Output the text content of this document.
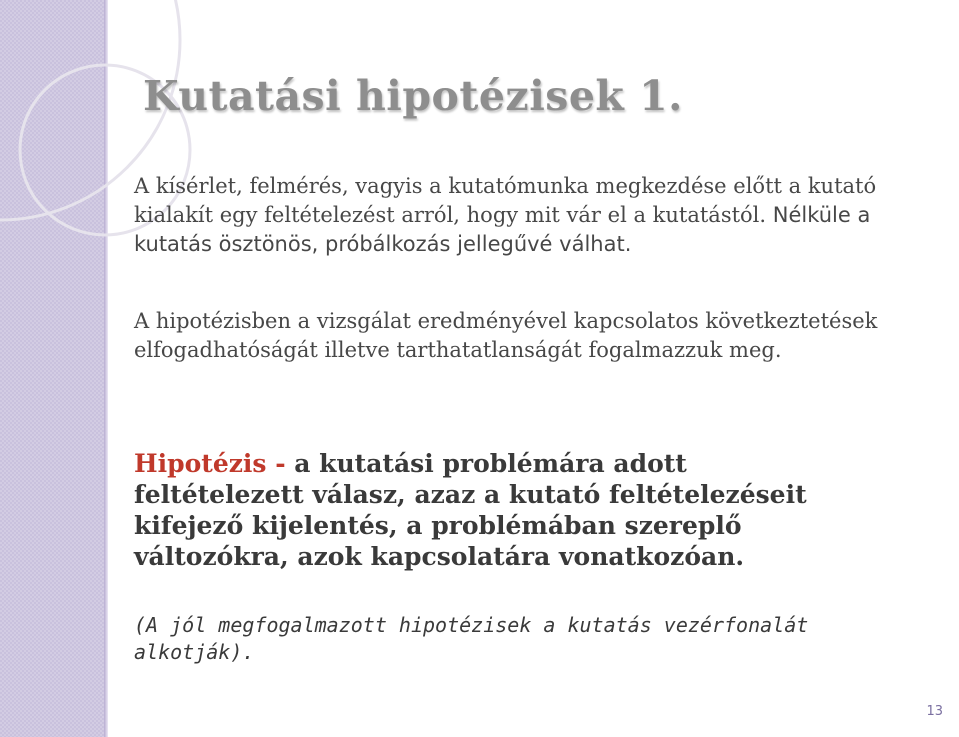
Kutatási hipotézisek 1.

A kísérlet, felmérés, vagyis a kutatómunka megkezdése előtt a kutató kialakít egy feltételezést arról, hogy mit vár el a kutatástól. Nélküle a kutatás ösztönös, próbálkozás jellegűvé válhat.

A hipotézisben a vizsgálat eredményével kapcsolatos következtetések elfogadhatóságát illetve tarthatatlanságát fogalmazzuk meg.

Hipotézis - a kutatási problémára adott feltételezett válasz, azaz a kutató feltételezéseit kifejező kijelentés, a problémában szereplő változókra, azok kapcsolatára vonatkozóan.

(A jól megfogalmazott hipotézisek a kutatás vezérfonalát alkotják).

13
